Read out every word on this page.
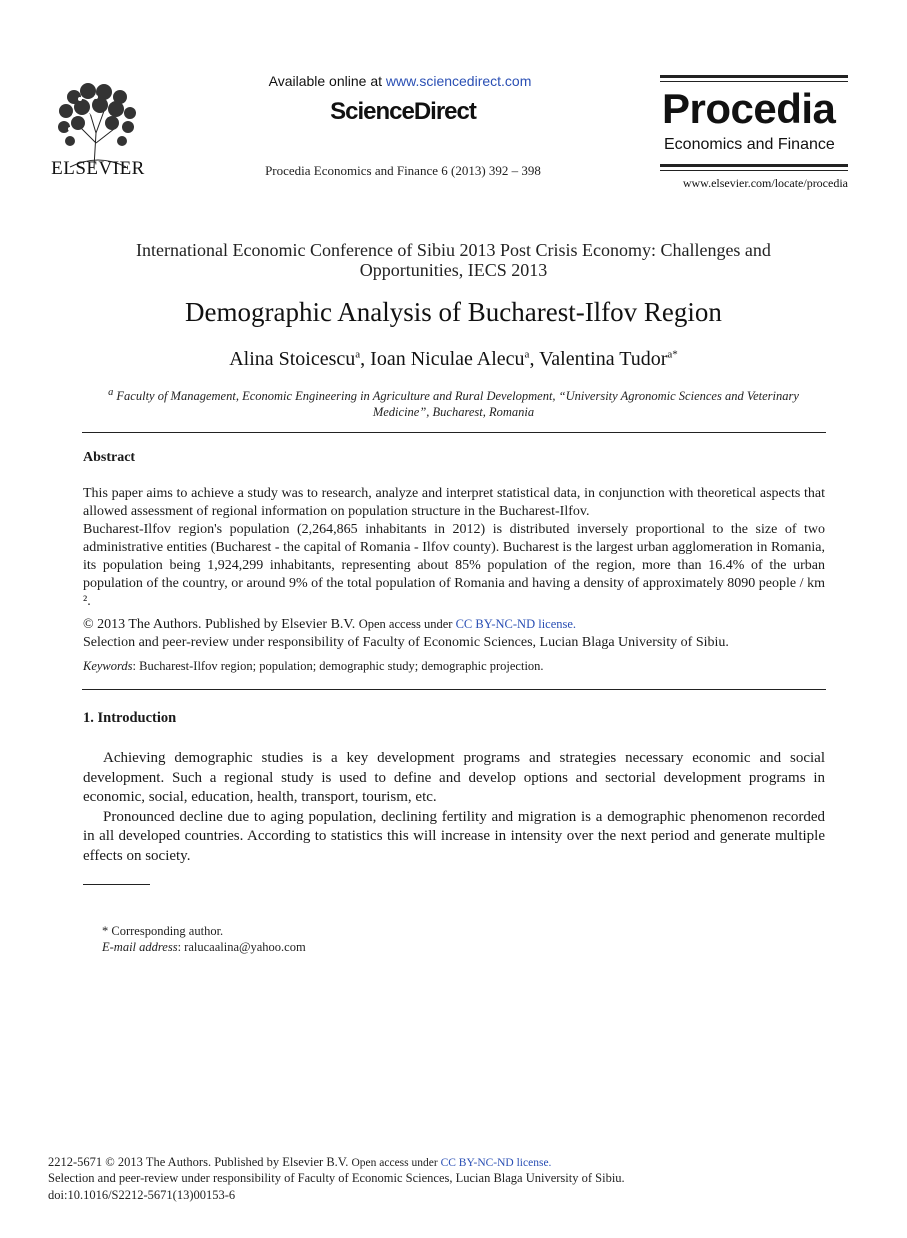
ELSEVIER
Available online at www.sciencedirect.com
ScienceDirect
Procedia Economics and Finance 6 (2013) 392 – 398
Procedia
Economics and Finance
www.elsevier.com/locate/procedia
International Economic Conference of Sibiu 2013 Post Crisis Economy: Challenges and Opportunities, IECS 2013
Demographic Analysis of Bucharest-Ilfov Region
Alina Stoicescu$^a$, Ioan Niculae Alecu$^a$, Valentina Tudor$^{a*}$
$^a$ Faculty of Management, Economic Engineering in Agriculture and Rural Development, “University Agronomic Sciences and Veterinary Medicine”, Bucharest, Romania
Abstract

This paper aims to achieve a study was to research, analyze and interpret statistical data, in conjunction with theoretical aspects that allowed assessment of regional information on population structure in the Bucharest-Ilfov.

Bucharest-Ilfov region's population (2,264,865 inhabitants in 2012) is distributed inversely proportional to the size of two administrative entities (Bucharest - the capital of Romania - Ilfov county). Bucharest is the largest urban agglomeration in Romania, its population being 1,924,299 inhabitants, representing about 85% population of the region, more than 16.4% of the urban population of the country, or around 9% of the total population of Romania and having a density of approximately 8090 people / km ².

© 2013 The Authors. Published by Elsevier B.V. Open access under CC BY-NC-ND license.

Selection and peer-review under responsibility of Faculty of Economic Sciences, Lucian Blaga University of Sibiu.

Keywords: Bucharest-Ilfov region; population; demographic study; demographic projection.
1. Introduction

Achieving demographic studies is a key development programs and strategies necessary economic and social development. Such a regional study is used to define and develop options and sectorial development programs in economic, social, education, health, transport, tourism, etc.

Pronounced decline due to aging population, declining fertility and migration is a demographic phenomenon recorded in all developed countries. According to statistics this will increase in intensity over the next period and generate multiple effects on society.

* Corresponding author.
E-mail address: ralucaalina@yahoo.com
2212-5671 © 2013 The Authors. Published by Elsevier B.V. Open access under CC BY-NC-ND license.
Selection and peer-review under responsibility of Faculty of Economic Sciences, Lucian Blaga University of Sibiu.
doi:10.1016/S2212-5671(13)00153-6
